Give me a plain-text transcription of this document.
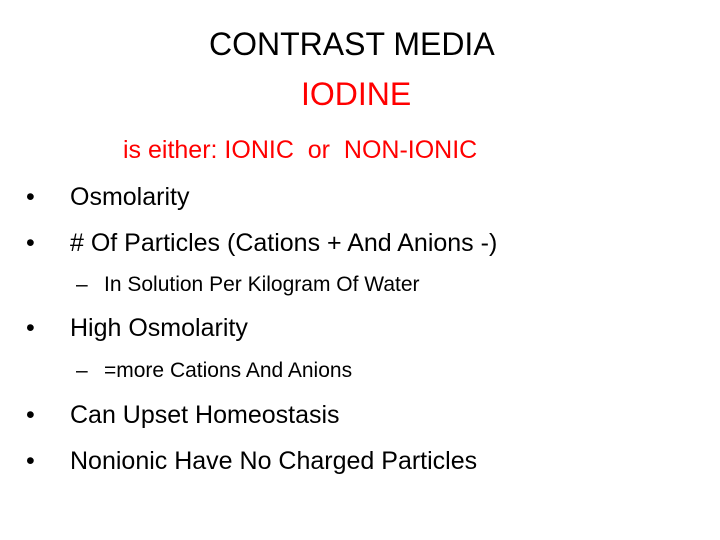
CONTRAST MEDIA
IODINE
is either: IONIC  or  NON-IONIC
• Osmolarity
• # Of Particles (Cations + And Anions -)
– In Solution Per Kilogram Of Water
• High Osmolarity
– =more Cations And Anions
• Can Upset Homeostasis
• Nonionic Have No Charged Particles
